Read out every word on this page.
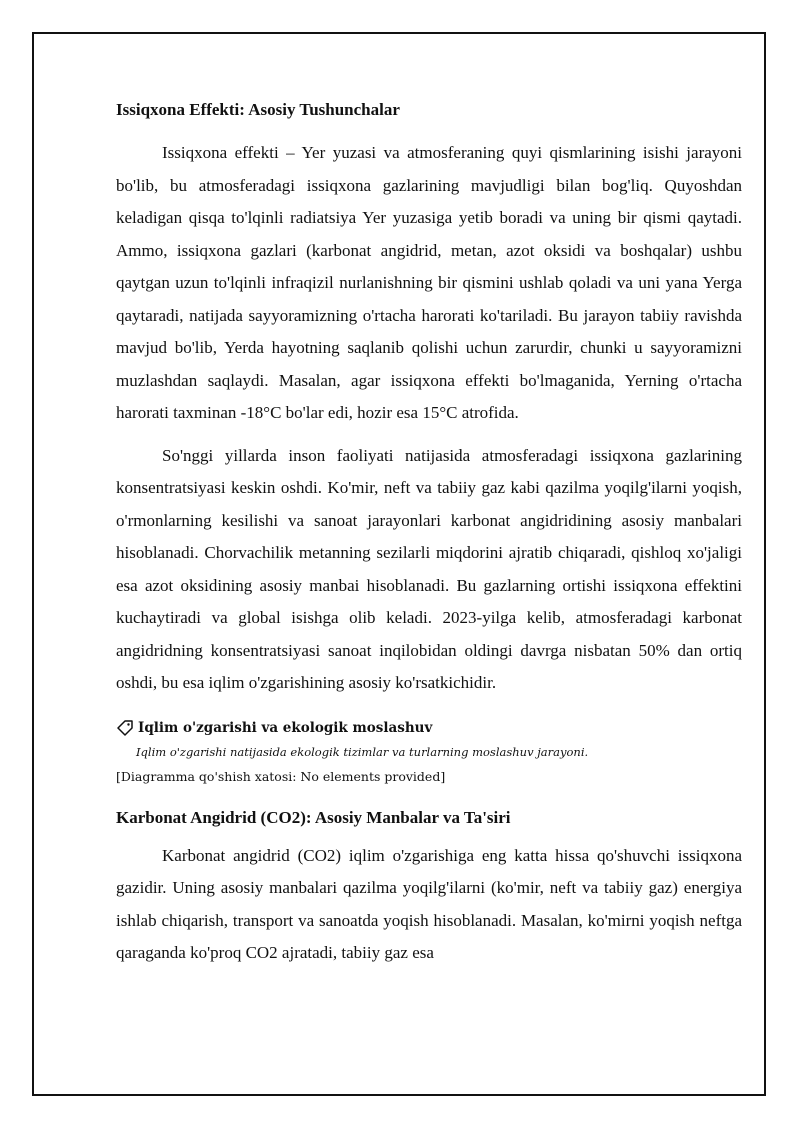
Issiqxona Effekti: Asosiy Tushunchalar

Issiqxona effekti – Yer yuzasi va atmosferaning quyi qismlarining isishi jarayoni bo'lib, bu atmosferadagi issiqxona gazlarining mavjudligi bilan bog'liq. Quyoshdan keladigan qisqa to'lqinli radiatsiya Yer yuzasiga yetib boradi va uning bir qismi qaytadi. Ammo, issiqxona gazlari (karbonat angidrid, metan, azot oksidi va boshqalar) ushbu qaytgan uzun to'lqinli infraqizil nurlanishning bir qismini ushlab qoladi va uni yana Yerga qaytaradi, natijada sayyoramizning o'rtacha harorati ko'tariladi. Bu jarayon tabiiy ravishda mavjud bo'lib, Yerda hayotning saqlanib qolishi uchun zarurdir, chunki u sayyoramizni muzlashdan saqlaydi. Masalan, agar issiqxona effekti bo'lmaganida, Yerning o'rtacha harorati taxminan -18°C bo'lar edi, hozir esa 15°C atrofida.

So'nggi yillarda inson faoliyati natijasida atmosferadagi issiqxona gazlarining konsentratsiyasi keskin oshdi. Ko'mir, neft va tabiiy gaz kabi qazilma yoqilg'ilarni yoqish, o'rmonlarning kesilishi va sanoat jarayonlari karbonat angidridining asosiy manbalari hisoblanadi. Chorvachilik metanning sezilarli miqdorini ajratib chiqaradi, qishloq xo'jaligi esa azot oksidining asosiy manbai hisoblanadi. Bu gazlarning ortishi issiqxona effektini kuchaytiradi va global isishga olib keladi. 2023-yilga kelib, atmosferadagi karbonat angidridning konsentratsiyasi sanoat inqilobidan oldingi davrga nisbatan 50% dan ortiq oshdi, bu esa iqlim o'zgarishining asosiy ko'rsatkichidir.

Iqlim o'zgarishi va ekologik moslashuv
Iqlim o'zgarishi natijasida ekologik tizimlar va turlarning moslashuv jarayoni.
[Diagramma qo'shish xatosi: No elements provided]
Karbonat Angidrid (CO2): Asosiy Manbalar va Ta'siri

Karbonat angidrid (CO2) iqlim o'zgarishiga eng katta hissa qo'shuvchi issiqxona gazidir. Uning asosiy manbalari qazilma yoqilg'ilarni (ko'mir, neft va tabiiy gaz) energiya ishlab chiqarish, transport va sanoatda yoqish hisoblanadi. Masalan, ko'mirni yoqish neftga qaraganda ko'proq CO2 ajratadi, tabiiy gaz esa
